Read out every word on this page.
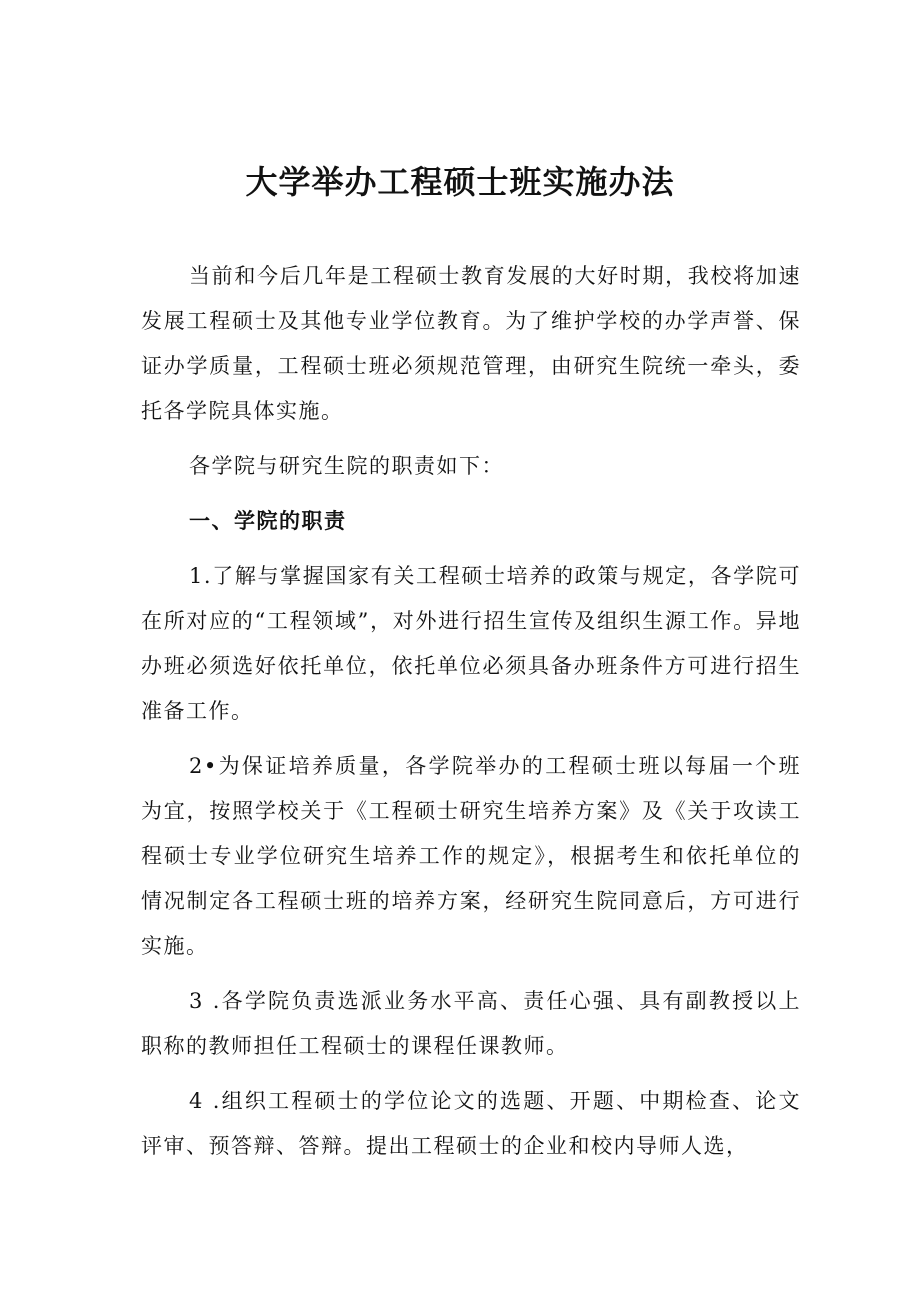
大学举办工程硕士班实施办法

当前和今后几年是工程硕士教育发展的大好时期，我校将加速发展工程硕士及其他专业学位教育。为了维护学校的办学声誉、保证办学质量，工程硕士班必须规范管理，由研究生院统一牵头，委托各学院具体实施。

各学院与研究生院的职责如下：

一、学院的职责

1.了解与掌握国家有关工程硕士培养的政策与规定，各学院可在所对应的“工程领域”，对外进行招生宣传及组织生源工作。异地办班必须选好依托单位，依托单位必须具备办班条件方可进行招生准备工作。

2•为保证培养质量，各学院举办的工程硕士班以每届一个班为宜，按照学校关于《工程硕士研究生培养方案》及《关于攻读工程硕士专业学位研究生培养工作的规定》，根据考生和依托单位的情况制定各工程硕士班的培养方案，经研究生院同意后，方可进行实施。

3 .各学院负责选派业务水平高、责任心强、具有副教授以上职称的教师担任工程硕士的课程任课教师。

4 .组织工程硕士的学位论文的选题、开题、中期检查、论文评审、预答辩、答辩。提出工程硕士的企业和校内导师人选，
